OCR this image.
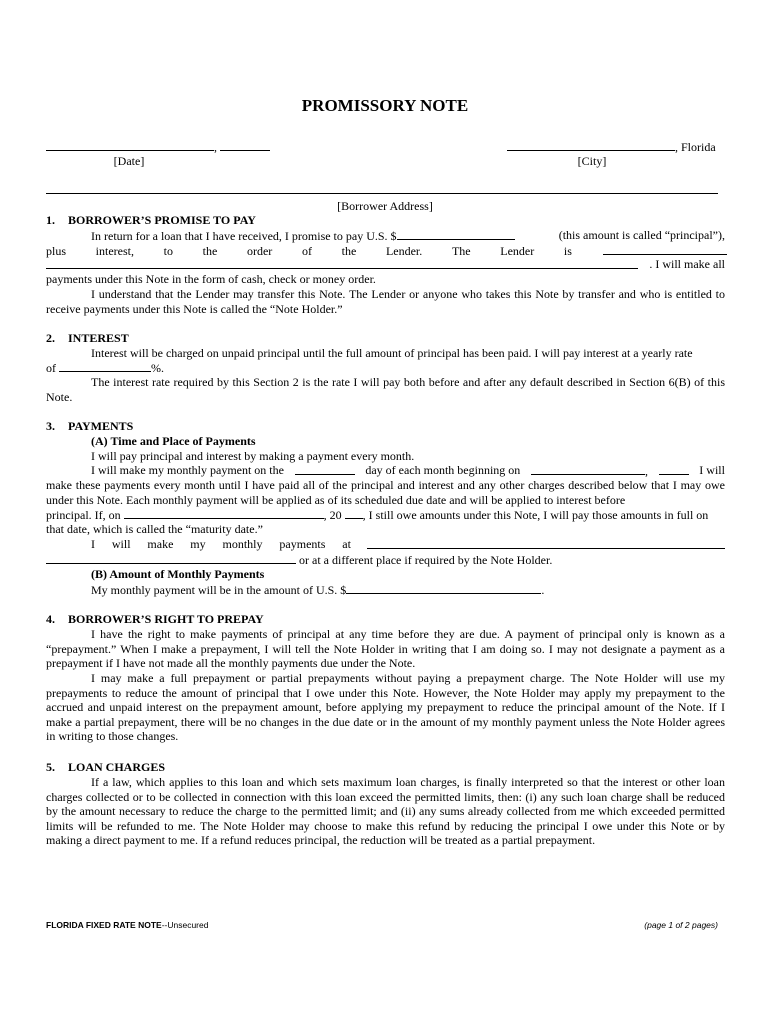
PROMISSORY NOTE
,
[Date]
, Florida
[City]
[Borrower Address]
1. BORROWER’S PROMISE TO PAY
In return for a loan that I have received, I promise to pay U.S. $	(this amount is called “principal”),
plus interest, to the order of the Lender. The Lender is

. I will make all
payments under this Note in the form of cash, check or money order.
I understand that the Lender may transfer this Note. The Lender or anyone who takes this Note by transfer and who is entitled to receive payments under this Note is called the “Note Holder.”
2. INTEREST
Interest will be charged on unpaid principal until the full amount of principal has been paid. I will pay interest at a yearly rate
of	%.
The interest rate required by this Section 2 is the rate I will pay both before and after any default described in Section 6(B) of this Note.
3. PAYMENTS
(A) Time and Place of Payments
I will pay principal and interest by making a payment every month.
I will make my monthly payment on the	day of each month beginning on	,	I will
make these payments every month until I have paid all of the principal and interest and any other charges described below that I may owe under this Note. Each monthly payment will be applied as of its scheduled due date and will be applied to interest before
principal. If, on	, 20 , I still owe amounts under this Note, I will pay those amounts in full on
that date, which is called the “maturity date.”
I will make my monthly payments at
or at a different place if required by the Note Holder.
(B) Amount of Monthly Payments
My monthly payment will be in the amount of U.S. $	.
4. BORROWER’S RIGHT TO PREPAY
I have the right to make payments of principal at any time before they are due. A payment of principal only is known as a “prepayment.” When I make a prepayment, I will tell the Note Holder in writing that I am doing so. I may not designate a payment as a prepayment if I have not made all the monthly payments due under the Note.
I may make a full prepayment or partial prepayments without paying a prepayment charge. The Note Holder will use my prepayments to reduce the amount of principal that I owe under this Note. However, the Note Holder may apply my prepayment to the accrued and unpaid interest on the prepayment amount, before applying my prepayment to reduce the principal amount of the Note. If I make a partial prepayment, there will be no changes in the due date or in the amount of my monthly payment unless the Note Holder agrees in writing to those changes.
5. LOAN CHARGES
If a law, which applies to this loan and which sets maximum loan charges, is finally interpreted so that the interest or other loan charges collected or to be collected in connection with this loan exceed the permitted limits, then: (i) any such loan charge shall be reduced by the amount necessary to reduce the charge to the permitted limit; and (ii) any sums already collected from me which exceeded permitted limits will be refunded to me. The Note Holder may choose to make this refund by reducing the principal I owe under this Note or by making a direct payment to me. If a refund reduces principal, the reduction will be treated as a partial prepayment.
FLORIDA FIXED RATE NOTE--Unsecured	(page 1 of 2 pages)
